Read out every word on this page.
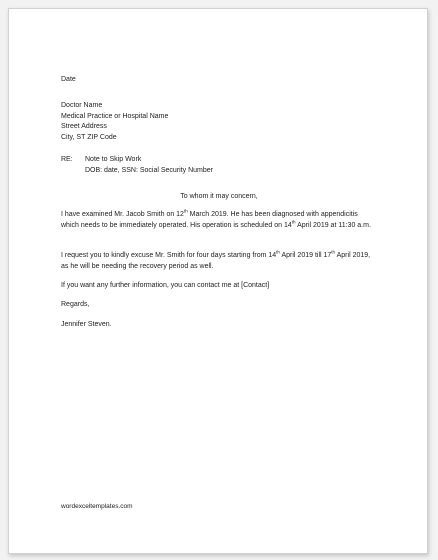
Date
Doctor Name
Medical Practice or Hospital Name
Street Address
City, ST ZIP Code
RE: Note to Skip Work
DOB: date, SSN: Social Security Number
To whom it may concern,

I have examined Mr. Jacob Smith on 12th March 2019. He has been diagnosed with appendicitis which needs to be immediately operated. His operation is scheduled on 14th April 2019 at 11:30 a.m.

I request you to kindly excuse Mr. Smith for four days starting from 14th April 2019 till 17th April 2019, as he will be needing the recovery period as well.

If you want any further information, you can contact me at [Contact]

Regards,

Jennifer Steven.

wordexceltemplates.com
